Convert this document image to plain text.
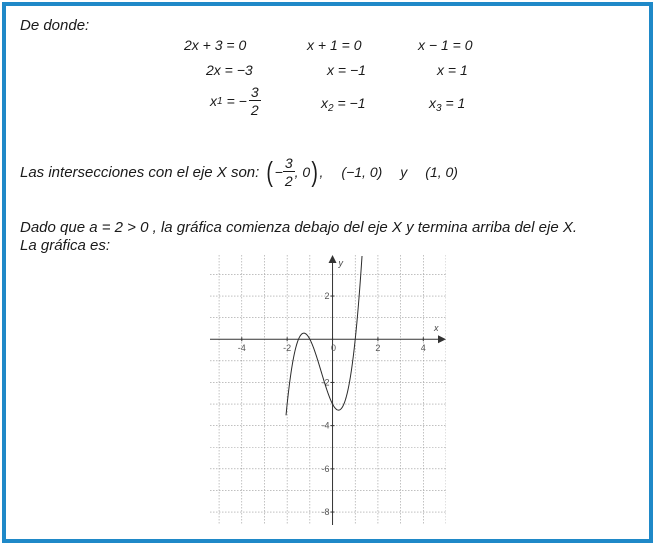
De donde:
2x + 3 = 0
2x = −3
x 1 = − $\frac{3}{2}$
x + 1 = 0
x = −1
$x_2 = -1$
x − 1 = 0
x = 1
$x_3 = 1$
Las intersecciones con el eje X son: ( − $\frac{3}{2}$ , 0 ) , (−1, 0) y (1, 0)
Dado que a = 2 > 0 , la gráfica comienza debajo del eje X y termina arriba del eje X.
La gráfica es:
x
y
-4	-2	0	2	4
2
-2
-4
-6
-8
